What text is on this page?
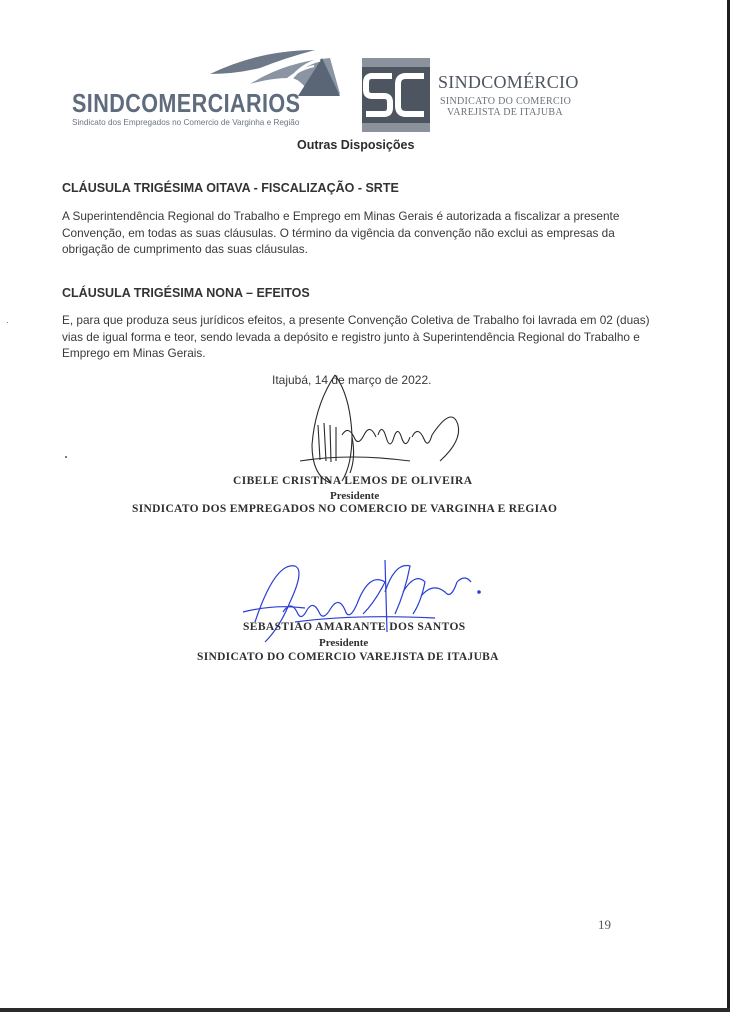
SINDCOMERCIARIOS
Sindicato dos Empregados no Comercio de Varginha e Região
SINDCOMÉRCIO
SINDICATO DO COMERCIO
VAREJISTA DE ITAJUBA
Outras Disposições
CLÁUSULA TRIGÉSIMA OITAVA - FISCALIZAÇÃO - SRTE
A Superintendência Regional do Trabalho e Emprego em Minas Gerais é autorizada a fiscalizar a presente Convenção, em todas as suas cláusulas. O término da vigência da convenção não exclui as empresas da obrigação de cumprimento das suas cláusulas.
CLÁUSULA TRIGÉSIMA NONA – EFEITOS
E, para que produza seus jurídicos efeitos, a presente Convenção Coletiva de Trabalho foi lavrada em 02 (duas) vias de igual forma e teor, sendo levada a depósito e registro junto à Superintendência Regional do Trabalho e Emprego em Minas Gerais.
Itajubá, 14 de março de 2022.
CIBELE CRISTINA LEMOS DE OLIVEIRA
Presidente
SINDICATO DOS EMPREGADOS NO COMERCIO DE VARGINHA E REGIAO
SEBASTIAO AMARANTE DOS SANTOS
Presidente
SINDICATO DO COMERCIO VAREJISTA DE ITAJUBA
19
